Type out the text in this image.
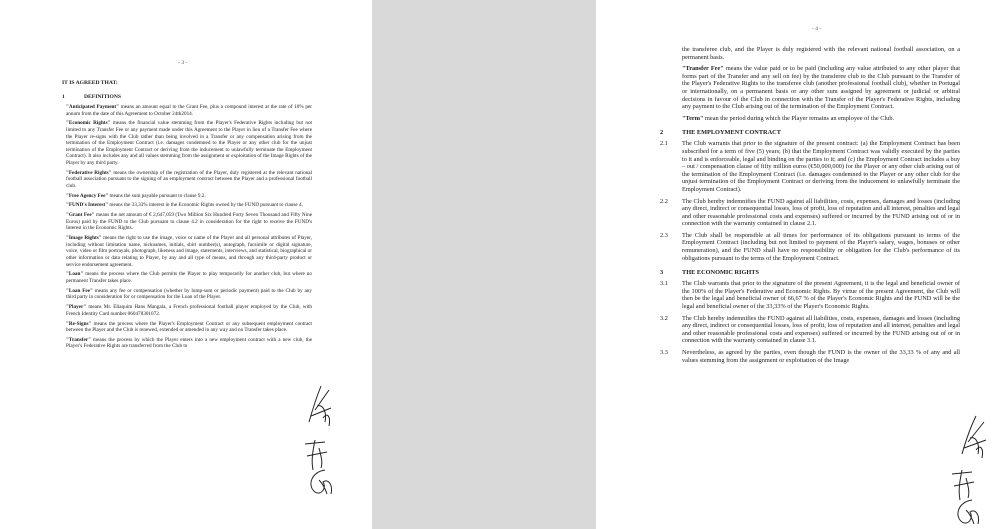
- 3 -
IT IS AGREED THAT:
1	DEFINITIONS

"Anticipated Payment" means an amount equal to the Grant Fee, plus a compound interest at the rate of 10% per annum from the date of this Agreement to October 24th2014.

"Economic Rights" means the financial value stemming from the Player's Federative Rights including but not limited to any Transfer Fee or any payment made under this Agreement to the Player in lieu of a Transfer Fee where the Player re-signs with the Club rather than being involved in a Transfer or any compensation arising from the termination of the Employment Contract (i.e. damages condemned to the Player or any other club for the unjust termination of the Employment Contract or deriving from the inducement to unlawfully terminate the Employment Contract). It also includes any and all values stemming from the assignment or exploitation of the Image Rights of the Player by any third party.

"Federative Rights" means the ownership of the registration of the Player, duly registered at the relevant national football association pursuant to the signing of an employment contract between the Player and a professional football club.

"Free Agency Fee" means the sum payable pursuant to clause 9.2.

"FUND's Interest" means the 33,33% interest in the Economic Rights owned by the FUND pursuant to clause 4.

"Grant Fee" means the net amount of € 2,647,059 (Two Million Six Hundred Forty Seven Thousand and Fifty Nine Euros) paid by the FUND to the Club pursuant to clause 4.2 in consideration for the right to receive the FUND's Interest in the Economic Rights.

"Image Rights" means the right to use the image, voice or name of the Player and all personal attributes of Player, including without limitation name, nicknames, initials, shirt number(s), autograph, facsimile or digital signature, voice, video or film portrayals, photograph, likeness and image, statements, interviews, and statistical, biographical or other information or data relating to Player, by any and all type of means, and through any third-party product or service endorsement agreement.

"Loan" means the process where the Club permits the Player to play temporarily for another club, but where no permanent Transfer takes place.

"Loan Fee" means any fee or compensation (whether by lump-sum or periodic payment) paid to the Club by any third party in consideration for or compensation for the Loan of the Player.

"Player" means Mr. Eliaquim Hans Mangala, a French professional football player employed by the Club, with French Identity Card number 060478301072.

"Re-Signs" means the process where the Player's Employment Contract or any subsequent employment contract between the Player and the Club is renewed, extended or amended in any way and no Transfer takes place.

"Transfer" means the process by which the Player enters into a new employment contract with a new club, the Player's Federative Rights are transferred from the Club to

- 4 -

the transferee club, and the Player is duly registered with the relevant national football association, on a permanent basis.

"Transfer Fee" means the value paid or to be paid (including any value attributed to any other player that forms part of the Transfer and any sell on fee) by the transferee club to the Club pursuant to the Transfer of the Player's Federative Rights to the transferee club (another professional football club), whether in Portugal or internationally, on a permanent basis or any other sum assigned by agreement or judicial or arbitral decisions in favour of the Club in connection with the Transfer of the Player's Federative Rights, including any payment to the Club arising out of the termination of the Employment Contract.

"Term" mean the period during which the Player remains an employee of the Club.

2	THE EMPLOYMENT CONTRACT
2.1	The Club warrants that prior to the signature of the present contract: (a) the Employment Contract has been subscribed for a term of five (5) years; (b) that the Employment Contract was validly executed by the parties to it and is enforceable, legal and binding on the parties to it; and (c) the Employment Contract includes a buy – out / compensation clause of fifty million euros (€50,000,000) for the Player or any other club arising out of the termination of the Employment Contract (i.e. damages condemned to the Player or any other club for the unjust termination of the Employment Contract or deriving from the inducement to unlawfully terminate the Employment Contract).
2.2	The Club hereby indemnifies the FUND against all liabilities, costs, expenses, damages and losses (including any direct, indirect or consequential losses, loss of profit, loss of reputation and all interest, penalties and legal and other reasonable professional costs and expenses) suffered or incurred by the FUND arising out of or in connection with the warranty contained in clause 2.1.
2.3	The Club shall be responsible at all times for performance of its obligations pursuant to terms of the Employment Contract (including but not limited to payment of the Player's salary, wages, bonuses or other remuneration), and the FUND shall have no responsibility or obligation for the Club's performance of its obligations pursuant to the terms of the Employment Contract.
3	THE ECONOMIC RIGHTS
3.1	The Club warrants that prior to the signature of the present Agreement, it is the legal and beneficial owner of the 100% of the Player's Federative and Economic Rights. By virtue of the present Agreement, the Club will then be the legal and beneficial owner of 66,67 % of the Player's Economic Rights and the FUND will be the legal and beneficial owner of the 33,33% of the Player's Economic Rights.
3.2	The Club hereby indemnifies the FUND against all liabilities, costs, expenses, damages and losses (including any direct, indirect or consequential losses, loss of profit, loss of reputation and all interest, penalties and legal and other reasonable professional costs and expenses) suffered or incurred by the FUND arising out of or in connection with the warranty contained in clause 3.1.
3.3	Nevertheless, as agreed by the parties, even though the FUND is the owner of the 33,33 % of any and all values stemming from the assignment or exploitation of the Image
